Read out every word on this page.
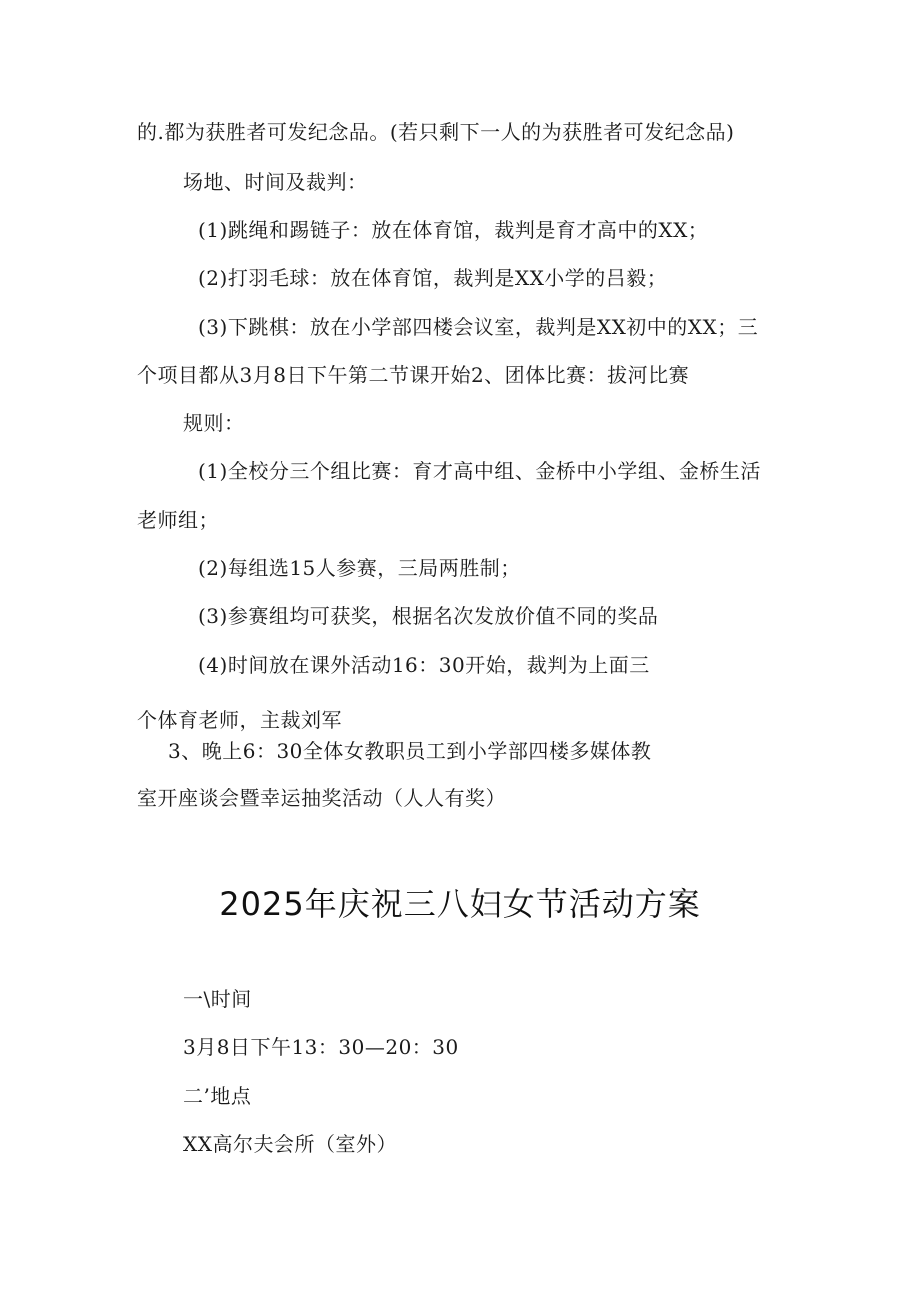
的.都为获胜者可发纪念品。(若只剩下一人的为获胜者可发纪念品)
场地、时间及裁判：
(1)跳绳和踢链子：放在体育馆，裁判是育才高中的XX；
(2)打羽毛球：放在体育馆，裁判是XX小学的吕毅；
(3)下跳棋：放在小学部四楼会议室，裁判是XX初中的XX；三
个项目都从3月8日下午第二节课开始2、团体比赛：拔河比赛
规则：
(1)全校分三个组比赛：育才高中组、金桥中小学组、金桥生活
老师组；
(2)每组选15人参赛，三局两胜制；
(3)参赛组均可获奖，根据名次发放价值不同的奖品
(4)时间放在课外活动16：30开始，裁判为上面三
个体育老师，主裁刘军
3、晚上6：30全体女教职员工到小学部四楼多媒体教
室开座谈会暨幸运抽奖活动（人人有奖）
2025年庆祝三八妇女节活动方案
一\时间
3月8日下午13：30—20：30
二’地点
XX高尔夫会所（室外）
